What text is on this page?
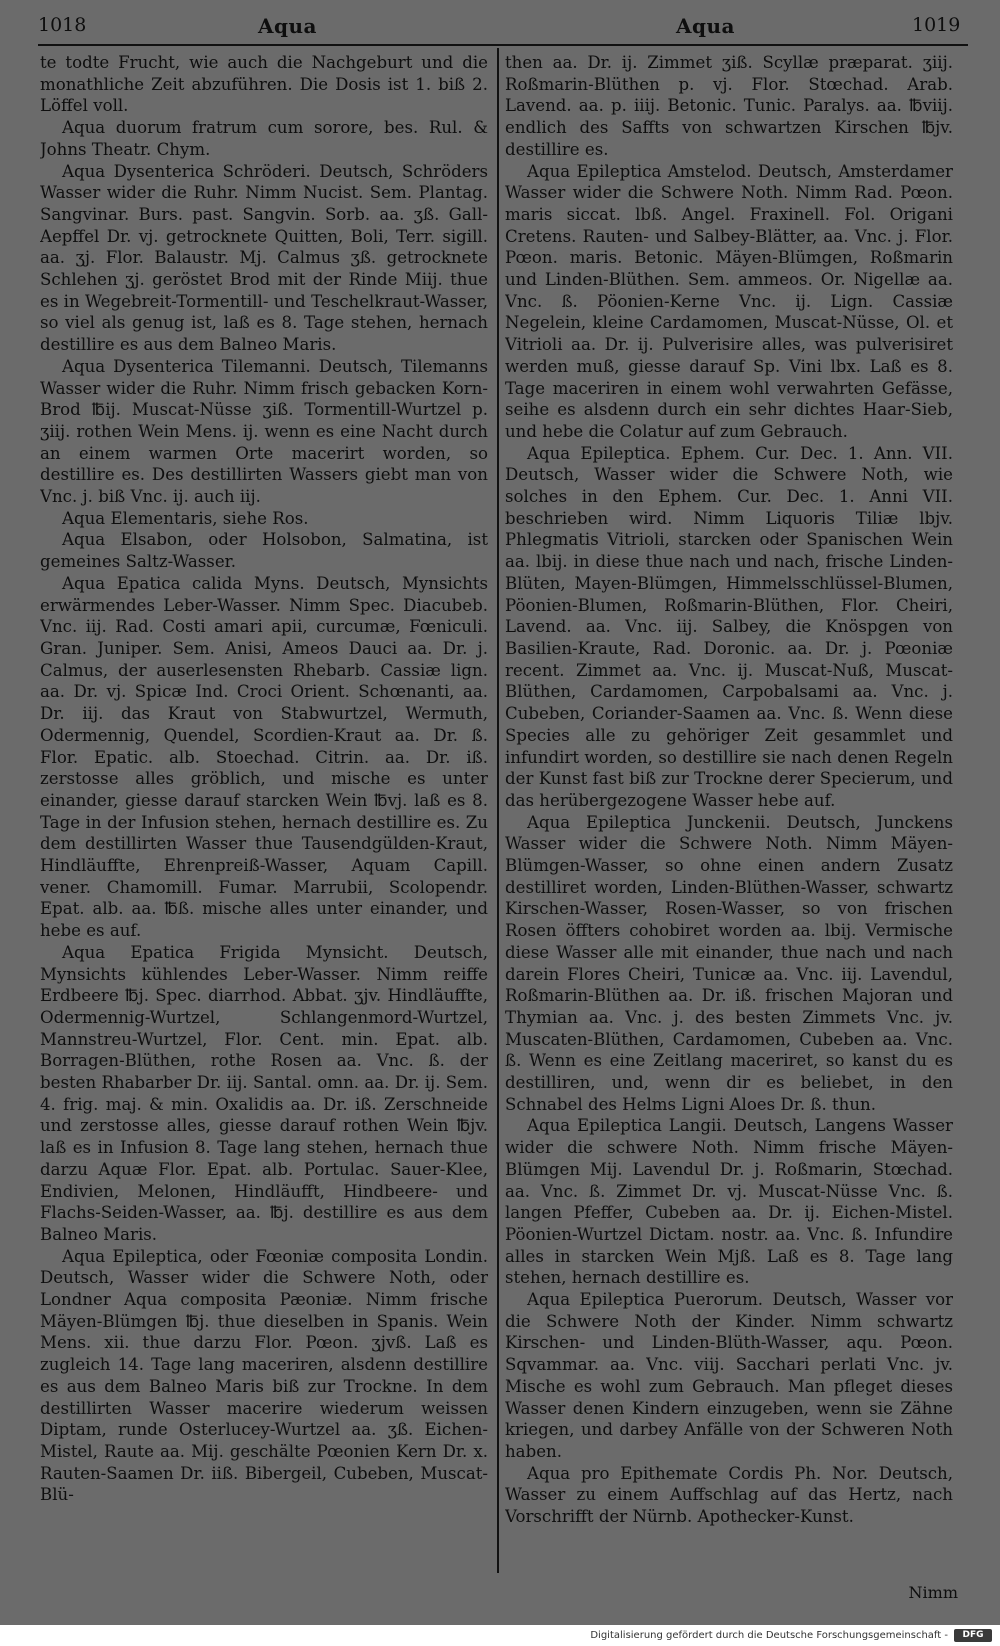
1018	Aqua	Aqua	1019

te todte Frucht, wie auch die Nachgeburt und die monathliche Zeit abzuführen. Die Dosis ist 1. biß 2. Löffel voll.

Aqua duorum fratrum cum sorore, bes. Rul. & Johns Theatr. Chym.

Aqua Dysenterica Schröderi. Deutsch, Schröders Wasser wider die Ruhr. Nimm Nucist. Sem. Plantag. Sangvinar. Burs. past. Sangvin. Sorb. aa. ʒß. Gall-Aepffel Dr. vj. getrocknete Quitten, Boli, Terr. sigill. aa. ʒj. Flor. Balaustr. Mj. Calmus ʒß. getrocknete Schlehen ʒj. geröstet Brod mit der Rinde Miij. thue es in Wegebreit-Tormentill- und Teschelkraut-Wasser, so viel als genug ist, laß es 8. Tage stehen, hernach destillire es aus dem Balneo Maris.

Aqua Dysenterica Tilemanni. Deutsch, Tilemanns Wasser wider die Ruhr. Nimm frisch gebacken Korn-Brod ℔ij. Muscat-Nüsse ʒiß. Tormentill-Wurtzel p. ʒiij. rothen Wein Mens. ij. wenn es eine Nacht durch an einem warmen Orte macerirt worden, so destillire es. Des destillirten Wassers giebt man von Vnc. j. biß Vnc. ij. auch iij.

Aqua Elementaris, siehe Ros.

Aqua Elsabon, oder Holsobon, Salmatina, ist gemeines Saltz-Wasser.

Aqua Epatica calida Myns. Deutsch, Mynsichts erwärmendes Leber-Wasser. Nimm Spec. Diacubeb. Vnc. iij. Rad. Costi amari apii, curcumæ, Fœniculi. Gran. Juniper. Sem. Anisi, Ameos Dauci aa. Dr. j. Calmus, der auserlesensten Rhebarb. Cassiæ lign. aa. Dr. vj. Spicæ Ind. Croci Orient. Schœnanti, aa. Dr. iij. das Kraut von Stabwurtzel, Wermuth, Odermennig, Quendel, Scordien-Kraut aa. Dr. ß. Flor. Epatic. alb. Stoechad. Citrin. aa. Dr. iß. zerstosse alles gröblich, und mische es unter einander, giesse darauf starcken Wein ℔vj. laß es 8. Tage in der Infusion stehen, hernach destillire es. Zu dem destillirten Wasser thue Tausendgülden-Kraut, Hindläuffte, Ehrenpreiß-Wasser, Aquam Capill. vener. Chamomill. Fumar. Marrubii, Scolopendr. Epat. alb. aa. ℔ß. mische alles unter einander, und hebe es auf.

Aqua Epatica Frigida Mynsicht. Deutsch, Mynsichts kühlendes Leber-Wasser. Nimm reiffe Erdbeere ℔j. Spec. diarrhod. Abbat. ʒjv. Hindläuffte, Odermennig-Wurtzel, Schlangenmord-Wurtzel, Mannstreu-Wurtzel, Flor. Cent. min. Epat. alb. Borragen-Blüthen, rothe Rosen aa. Vnc. ß. der besten Rhabarber Dr. iij. Santal. omn. aa. Dr. ij. Sem. 4. frig. maj. & min. Oxalidis aa. Dr. iß. Zerschneide und zerstosse alles, giesse darauf rothen Wein ℔jv. laß es in Infusion 8. Tage lang stehen, hernach thue darzu Aquæ Flor. Epat. alb. Portulac. Sauer-Klee, Endivien, Melonen, Hindläufft, Hindbeere- und Flachs-Seiden-Wasser, aa. ℔j. destillire es aus dem Balneo Maris.

Aqua Epileptica, oder Fœoniæ composita Londin. Deutsch, Wasser wider die Schwere Noth, oder Londner Aqua composita Pæoniæ. Nimm frische Mäyen-Blümgen ℔j. thue dieselben in Spanis. Wein Mens. xii. thue darzu Flor. Pœon. ʒjvß. Laß es zugleich 14. Tage lang maceriren, alsdenn destillire es aus dem Balneo Maris biß zur Trockne. In dem destillirten Wasser macerire wiederum weissen Diptam, runde Osterlucey-Wurtzel aa. ʒß. Eichen-Mistel, Raute aa. Mij. geschälte Pœonien Kern Dr. x. Rauten-Saamen Dr. iiß. Bibergeil, Cubeben, Muscat-Blü-

then aa. Dr. ij. Zimmet ʒiß. Scyllæ præparat. ʒiij. Roßmarin-Blüthen p. vj. Flor. Stœchad. Arab. Lavend. aa. p. iiij. Betonic. Tunic. Paralys. aa. ℔viij. endlich des Saffts von schwartzen Kirschen ℔jv. destillire es.

Aqua Epileptica Amstelod. Deutsch, Amsterdamer Wasser wider die Schwere Noth. Nimm Rad. Pœon. maris siccat. lbß. Angel. Fraxinell. Fol. Origani Cretens. Rauten- und Salbey-Blätter, aa. Vnc. j. Flor. Pœon. maris. Betonic. Mäyen-Blümgen, Roßmarin und Linden-Blüthen. Sem. ammeos. Or. Nigellæ aa. Vnc. ß. Pöonien-Kerne Vnc. ij. Lign. Cassiæ Negelein, kleine Cardamomen, Muscat-Nüsse, Ol. et Vitrioli aa. Dr. ij. Pulverisire alles, was pulverisiret werden muß, giesse darauf Sp. Vini lbx. Laß es 8. Tage maceriren in einem wohl verwahrten Gefässe, seihe es alsdenn durch ein sehr dichtes Haar-Sieb, und hebe die Colatur auf zum Gebrauch.

Aqua Epileptica. Ephem. Cur. Dec. 1. Ann. VII. Deutsch, Wasser wider die Schwere Noth, wie solches in den Ephem. Cur. Dec. 1. Anni VII. beschrieben wird. Nimm Liquoris Tiliæ lbjv. Phlegmatis Vitrioli, starcken oder Spanischen Wein aa. lbij. in diese thue nach und nach, frische Linden-Blüten, Mayen-Blümgen, Himmelsschlüssel-Blumen, Pöonien-Blumen, Roßmarin-Blüthen, Flor. Cheiri, Lavend. aa. Vnc. iij. Salbey, die Knöspgen von Basilien-Kraute, Rad. Doronic. aa. Dr. j. Pœoniæ recent. Zimmet aa. Vnc. ij. Muscat-Nuß, Muscat-Blüthen, Cardamomen, Carpobalsami aa. Vnc. j. Cubeben, Coriander-Saamen aa. Vnc. ß. Wenn diese Species alle zu gehöriger Zeit gesammlet und infundirt worden, so destillire sie nach denen Regeln der Kunst fast biß zur Trockne derer Specierum, und das herübergezogene Wasser hebe auf.

Aqua Epileptica Junckenii. Deutsch, Junckens Wasser wider die Schwere Noth. Nimm Mäyen-Blümgen-Wasser, so ohne einen andern Zusatz destilliret worden, Linden-Blüthen-Wasser, schwartz Kirschen-Wasser, Rosen-Wasser, so von frischen Rosen öffters cohobiret worden aa. lbij. Vermische diese Wasser alle mit einander, thue nach und nach darein Flores Cheiri, Tunicæ aa. Vnc. iij. Lavendul, Roßmarin-Blüthen aa. Dr. iß. frischen Majoran und Thymian aa. Vnc. j. des besten Zimmets Vnc. jv. Muscaten-Blüthen, Cardamomen, Cubeben aa. Vnc. ß. Wenn es eine Zeitlang maceriret, so kanst du es destilliren, und, wenn dir es beliebet, in den Schnabel des Helms Ligni Aloes Dr. ß. thun.

Aqua Epileptica Langii. Deutsch, Langens Wasser wider die schwere Noth. Nimm frische Mäyen-Blümgen Mij. Lavendul Dr. j. Roßmarin, Stœchad. aa. Vnc. ß. Zimmet Dr. vj. Muscat-Nüsse Vnc. ß. langen Pfeffer, Cubeben aa. Dr. ij. Eichen-Mistel. Pöonien-Wurtzel Dictam. nostr. aa. Vnc. ß. Infundire alles in starcken Wein Mjß. Laß es 8. Tage lang stehen, hernach destillire es.

Aqua Epileptica Puerorum. Deutsch, Wasser vor die Schwere Noth der Kinder. Nimm schwartz Kirschen- und Linden-Blüth-Wasser, aqu. Pœon. Sqvammar. aa. Vnc. viij. Sacchari perlati Vnc. jv. Mische es wohl zum Gebrauch. Man pfleget dieses Wasser denen Kindern einzugeben, wenn sie Zähne kriegen, und darbey Anfälle von der Schweren Noth haben.

Aqua pro Epithemate Cordis Ph. Nor. Deutsch, Wasser zu einem Auffschlag auf das Hertz, nach Vorschrifft der Nürnb. Apothecker-Kunst.

Nimm
Digitalisierung gefördert durch die Deutsche Forschungsgemeinschaft -	DFG
